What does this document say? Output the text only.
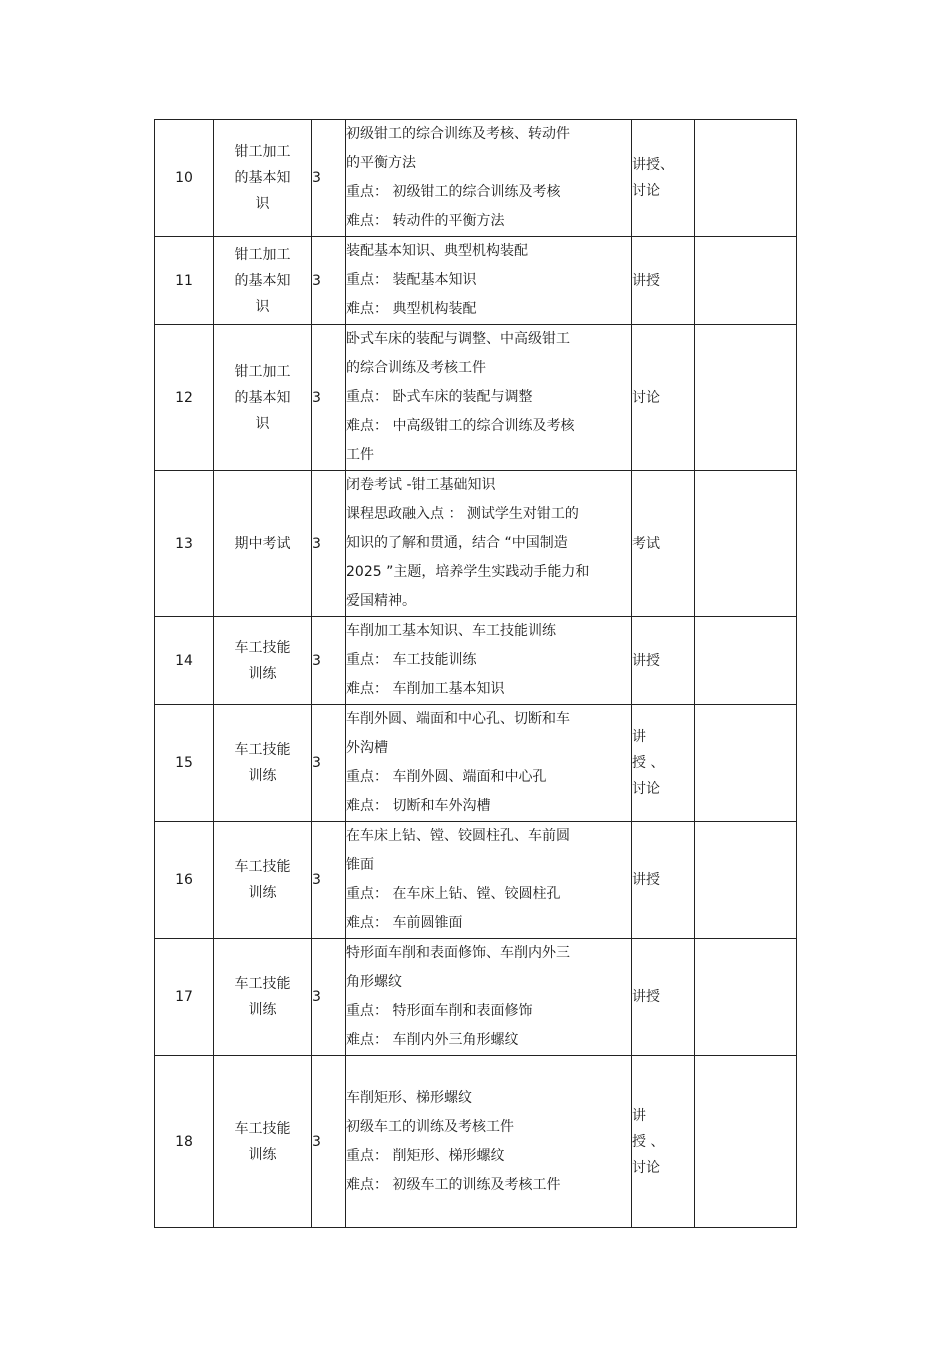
10	钳工加工
的基本知
识	3	初级钳工的综合训练及考核、转动件
的平衡方法
重点： 初级钳工的综合训练及考核
难点： 转动件的平衡方法	讲授、
讨论	

11	钳工加工
的基本知
识	3	装配基本知识、典型机构装配
重点： 装配基本知识
难点： 典型机构装配	讲授	

12	钳工加工
的基本知
识	3	卧式车床的装配与调整、中高级钳工
的综合训练及考核工件
重点： 卧式车床的装配与调整
难点： 中高级钳工的综合训练及考核
工件	讨论	

13	期中考试	3	闭卷考试 -钳工基础知识
课程思政融入点 ： 测试学生对钳工的
知识的了解和贯通，结合 “中国制造
2025 ”主题，培养学生实践动手能力和
爱国精神。	考试	

14	车工技能
训练	3	车削加工基本知识、车工技能训练
重点： 车工技能训练
难点： 车削加工基本知识	讲授	

15	车工技能
训练	3	车削外圆、端面和中心孔、切断和车
外沟槽
重点： 车削外圆、端面和中心孔
难点： 切断和车外沟槽	讲
授 、
讨论	

16	车工技能
训练	3	在车床上钻、镗、铰圆柱孔、车前圆
锥面
重点： 在车床上钻、镗、铰圆柱孔
难点： 车前圆锥面	讲授	

17	车工技能
训练	3	特形面车削和表面修饰、车削内外三
角形螺纹
重点： 特形面车削和表面修饰
难点： 车削内外三角形螺纹	讲授	

18	车工技能
训练	3	车削矩形、梯形螺纹
初级车工的训练及考核工件
重点： 削矩形、梯形螺纹
难点： 初级车工的训练及考核工件	讲
授 、
讨论	
